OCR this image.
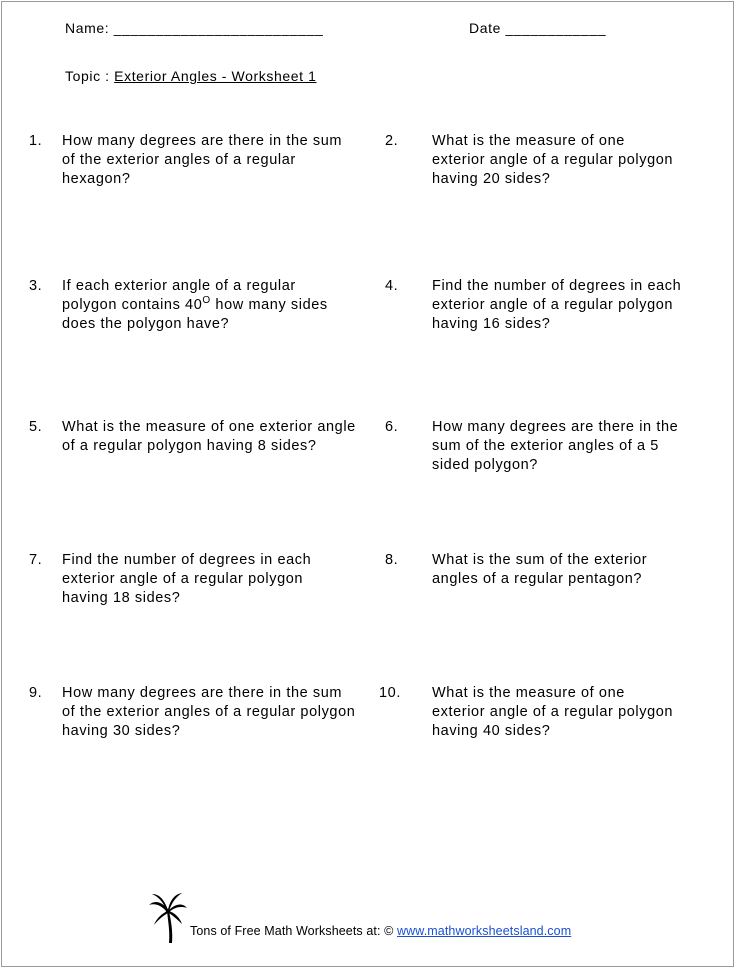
Name: _________________________	Date ____________
Topic : Exterior Angles - Worksheet 1
1. How many degrees are there in the sum of the exterior angles of a regular hexagon?
2. What is the measure of one exterior angle of a regular polygon having 20 sides?
3. If each exterior angle of a regular polygon contains $40^O$ how many sides does the polygon have?
4. Find the number of degrees in each exterior angle of a regular polygon having 16 sides?
5. What is the measure of one exterior angle of a regular polygon having 8 sides?
6. How many degrees are there in the sum of the exterior angles of a 5 sided polygon?
7. Find the number of degrees in each exterior angle of a regular polygon having 18 sides?
8. What is the sum of the exterior angles of a regular pentagon?
9. How many degrees are there in the sum of the exterior angles of a regular polygon having 30 sides?
10. What is the measure of one exterior angle of a regular polygon having 40 sides?
Tons of Free Math Worksheets at: © www.mathworksheetsland.com
